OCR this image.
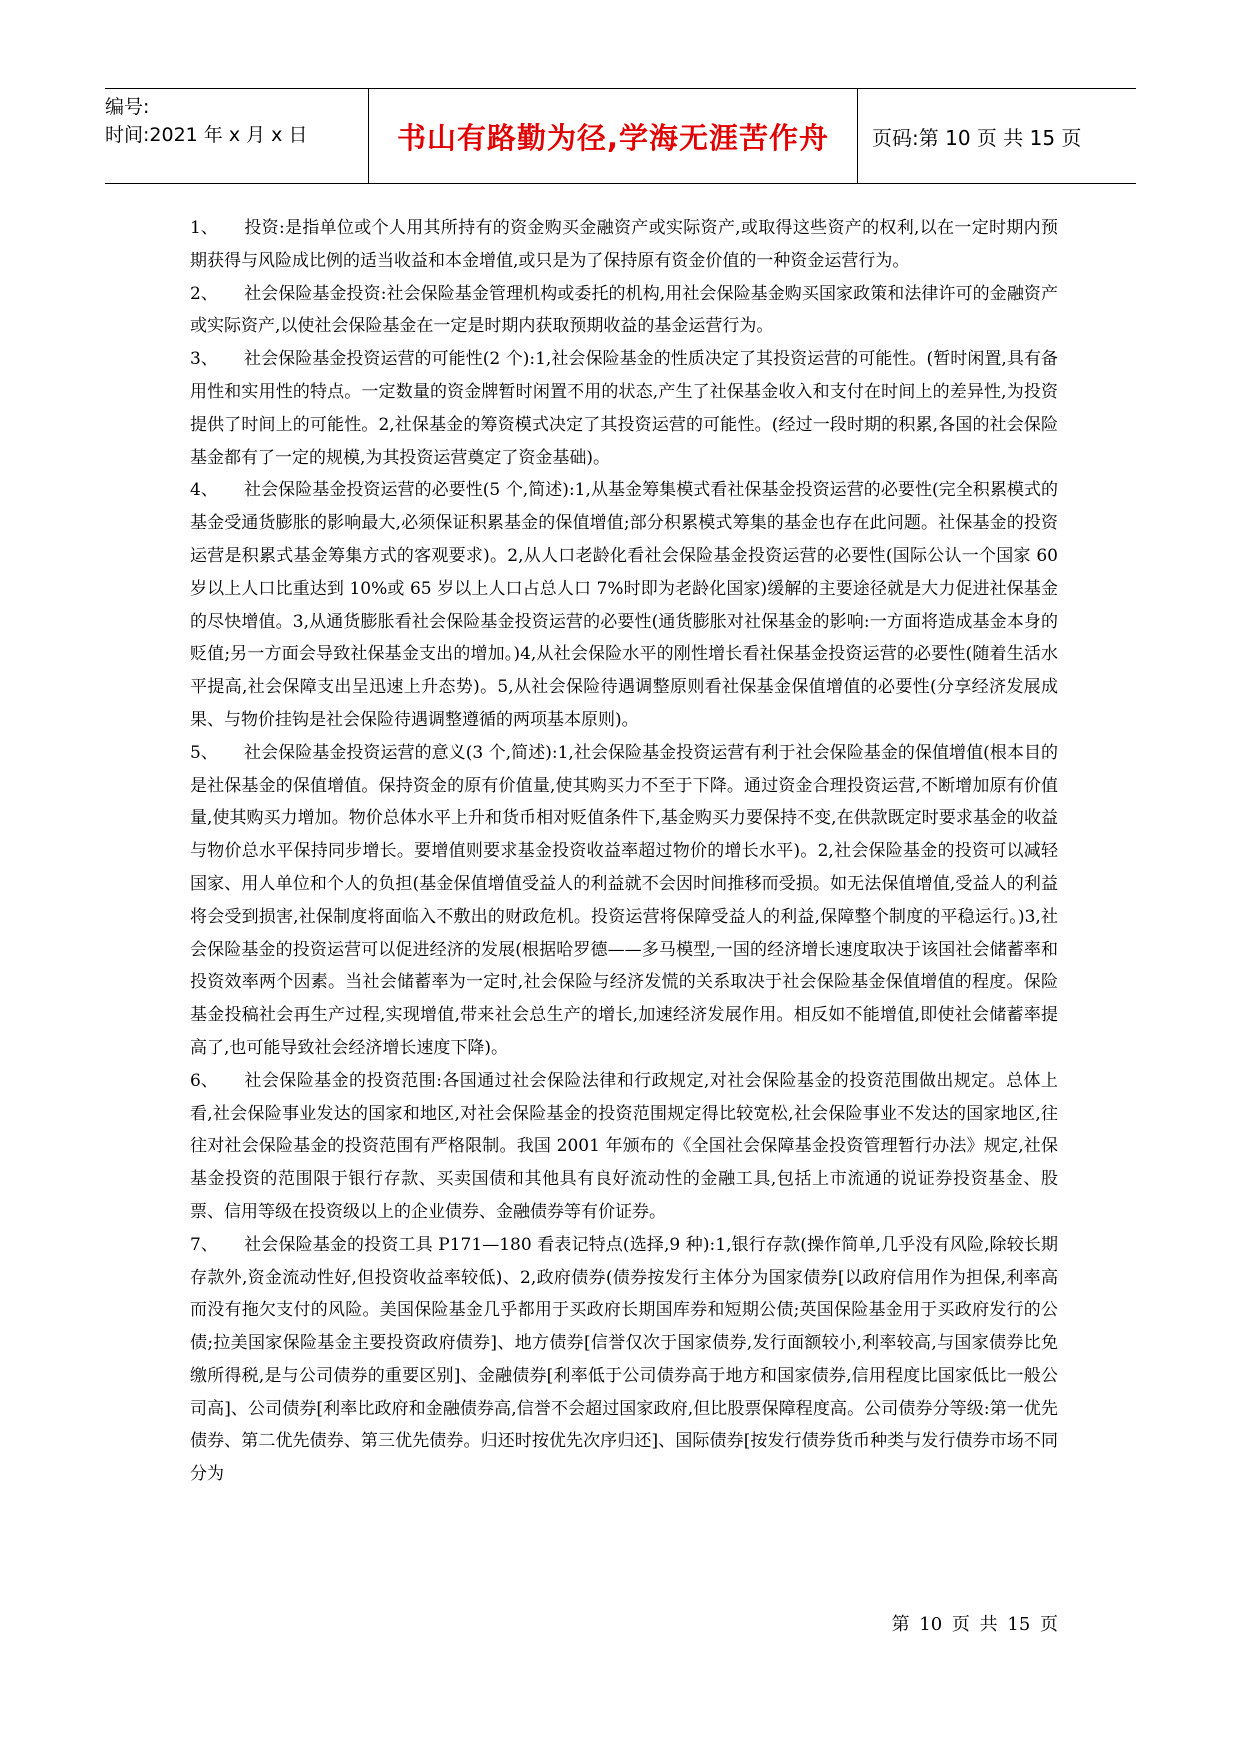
编号:
时间:2021 年 x 月 x 日	书山有路勤为径,学海无涯苦作舟 页码:第 10 页 共 15 页

1、 投资:是指单位或个人用其所持有的资金购买金融资产或实际资产,或取得这些资产的权利,以在一定时期内预期获得与风险成比例的适当收益和本金增值,或只是为了保持原有资金价值的一种资金运营行为。

2、 社会保险基金投资:社会保险基金管理机构或委托的机构,用社会保险基金购买国家政策和法律许可的金融资产或实际资产,以使社会保险基金在一定是时期内获取预期收益的基金运营行为。

3、 社会保险基金投资运营的可能性(2 个):1,社会保险基金的性质决定了其投资运营的可能性。(暂时闲置,具有备用性和实用性的特点。一定数量的资金牌暂时闲置不用的状态,产生了社保基金收入和支付在时间上的差异性,为投资提供了时间上的可能性。2,社保基金的筹资模式决定了其投资运营的可能性。(经过一段时期的积累,各国的社会保险基金都有了一定的规模,为其投资运营奠定了资金基础)。

4、 社会保险基金投资运营的必要性(5 个,简述):1,从基金筹集模式看社保基金投资运营的必要性(完全积累模式的基金受通货膨胀的影响最大,必须保证积累基金的保值增值;部分积累模式筹集的基金也存在此问题。社保基金的投资运营是积累式基金筹集方式的客观要求)。2,从人口老龄化看社会保险基金投资运营的必要性(国际公认一个国家 60 岁以上人口比重达到 10%或 65 岁以上人口占总人口 7%时即为老龄化国家)缓解的主要途径就是大力促进社保基金的尽快增值。3,从通货膨胀看社会保险基金投资运营的必要性(通货膨胀对社保基金的影响:一方面将造成基金本身的贬值;另一方面会导致社保基金支出的增加。)4,从社会保险水平的刚性增长看社保基金投资运营的必要性(随着生活水平提高,社会保障支出呈迅速上升态势)。5,从社会保险待遇调整原则看社保基金保值增值的必要性(分享经济发展成果、与物价挂钩是社会保险待遇调整遵循的两项基本原则)。

5、 社会保险基金投资运营的意义(3 个,简述):1,社会保险基金投资运营有利于社会保险基金的保值增值(根本目的是社保基金的保值增值。保持资金的原有价值量,使其购买力不至于下降。通过资金合理投资运营,不断增加原有价值量,使其购买力增加。物价总体水平上升和货币相对贬值条件下,基金购买力要保持不变,在供款既定时要求基金的收益与物价总水平保持同步增长。要增值则要求基金投资收益率超过物价的增长水平)。2,社会保险基金的投资可以减轻国家、用人单位和个人的负担(基金保值增值受益人的利益就不会因时间推移而受损。如无法保值增值,受益人的利益将会受到损害,社保制度将面临入不敷出的财政危机。投资运营将保障受益人的利益,保障整个制度的平稳运行。)3,社会保险基金的投资运营可以促进经济的发展(根据哈罗德——多马模型,一国的经济增长速度取决于该国社会储蓄率和投资效率两个因素。当社会储蓄率为一定时,社会保险与经济发慌的关系取决于社会保险基金保值增值的程度。保险基金投稿社会再生产过程,实现增值,带来社会总生产的增长,加速经济发展作用。相反如不能增值,即使社会储蓄率提高了,也可能导致社会经济增长速度下降)。

6、 社会保险基金的投资范围:各国通过社会保险法律和行政规定,对社会保险基金的投资范围做出规定。总体上看,社会保险事业发达的国家和地区,对社会保险基金的投资范围规定得比较宽松,社会保险事业不发达的国家地区,往往对社会保险基金的投资范围有严格限制。我国 2001 年颁布的《全国社会保障基金投资管理暂行办法》规定,社保基金投资的范围限于银行存款、买卖国债和其他具有良好流动性的金融工具,包括上市流通的说证券投资基金、股票、信用等级在投资级以上的企业债券、金融债券等有价证券。

7、 社会保险基金的投资工具 P171—180 看表记特点(选择,9 种):1,银行存款(操作简单,几乎没有风险,除较长期存款外,资金流动性好,但投资收益率较低)、2,政府债券(债券按发行主体分为国家债券[以政府信用作为担保,利率高而没有拖欠支付的风险。美国保险基金几乎都用于买政府长期国库券和短期公债;英国保险基金用于买政府发行的公债;拉美国家保险基金主要投资政府债券]、地方债券[信誉仅次于国家债券,发行面额较小,利率较高,与国家债券比免缴所得税,是与公司债券的重要区别]、金融债券[利率低于公司债券高于地方和国家债券,信用程度比国家低比一般公司高]、公司债券[利率比政府和金融债券高,信誉不会超过国家政府,但比股票保障程度高。公司债券分等级:第一优先债券、第二优先债券、第三优先债券。归还时按优先次序归还]、国际债券[按发行债券货币种类与发行债券市场不同分为

第 10 页 共 15 页
